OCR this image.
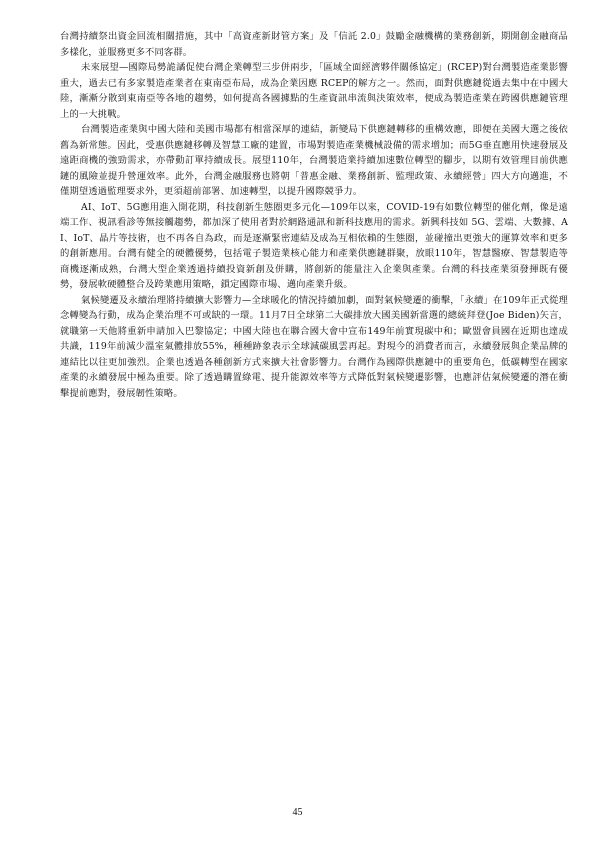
台灣持續祭出資金回流相關措施，其中「高資產新財管方案」及「信託 2.0」鼓勵金融機構的業務創新，期開創金融商品多樣化，並服務更多不同客群。

未來展望—國際局勢詭譎促使台灣企業轉型三步併兩步，「區域全面經濟夥伴關係協定」(RCEP)對台灣製造產業影響重大，過去已有多家製造產業者在東南亞布局，成為企業因應 RCEP的解方之一。然而，面對供應鏈從過去集中在中國大陸，漸漸分散到東南亞等各地的趨勢，如何提高各國據點的生產資訊串流與決策效率，便成為製造產業在跨國供應鏈管理上的一大挑戰。

台灣製造產業與中國大陸和美國市場都有相當深厚的連結，新變局下供應鏈轉移的重構效應，即便在美國大選之後依舊為新常態。因此，受惠供應鏈移轉及智慧工廠的建置，市場對製造產業機械設備的需求增加；而5G垂直應用快速發展及遠距商機的強勁需求，亦帶動訂單持續成長。展望110年，台灣製造業持續加速數位轉型的腳步，以期有效管理目前供應鏈的風險並提升營運效率。此外，台灣金融服務也將朝「普惠金融、業務創新、監理政策、永續經營」四大方向邁進，不僅期望透過監理要求外，更須超前部署、加速轉型，以提升國際競爭力。

AI、IoT、5G應用進入開花期，科技創新生態圈更多元化—109年以來，COVID-19有如數位轉型的催化劑，像是遠端工作、視訊看診等無接觸趨勢，都加深了使用者對於網路通訊和新科技應用的需求。新興科技如 5G、雲端、大數據、AI、IoT、晶片等技術，也不再各自為政，而是逐漸緊密連結及成為互相依賴的生態圈，並碰撞出更強大的運算效率和更多的創新應用。台灣有健全的硬體優勢，包括電子製造業核心能力和產業供應鏈群聚，放眼110年，智慧醫療、智慧製造等商機逐漸成熟，台灣大型企業透過持續投資新創及併購，將創新的能量注入企業與產業。台灣的科技產業須發揮既有優勢，發展軟硬體整合及跨業應用策略，鎖定國際市場、邁向產業升級。

氣候變遷及永續治理將持續擴大影響力—全球暖化的情況持續加劇，面對氣候變遷的衝擊，「永續」在109年正式從理念轉變為行動，成為企業治理不可或缺的一環。11月7日全球第二大碳排放大國美國新當選的總統拜登(Joe Biden)矢言，就職第一天他將重新申請加入巴黎協定；中國大陸也在聯合國大會中宣布149年前實現碳中和；歐盟會員國在近期也達成共識，119年前減少溫室氣體排放55%，種種跡象表示全球減碳風雲再起。對現今的消費者而言，永續發展與企業品牌的連結比以往更加強烈。企業也透過各種創新方式來擴大社會影響力。台灣作為國際供應鏈中的重要角色，低碳轉型在國家產業的永續發展中極為重要。除了透過購置綠電、提升能源效率等方式降低對氣候變遷影響，也應評估氣候變遷的潛在衝擊提前應對，發展韌性策略。

45
